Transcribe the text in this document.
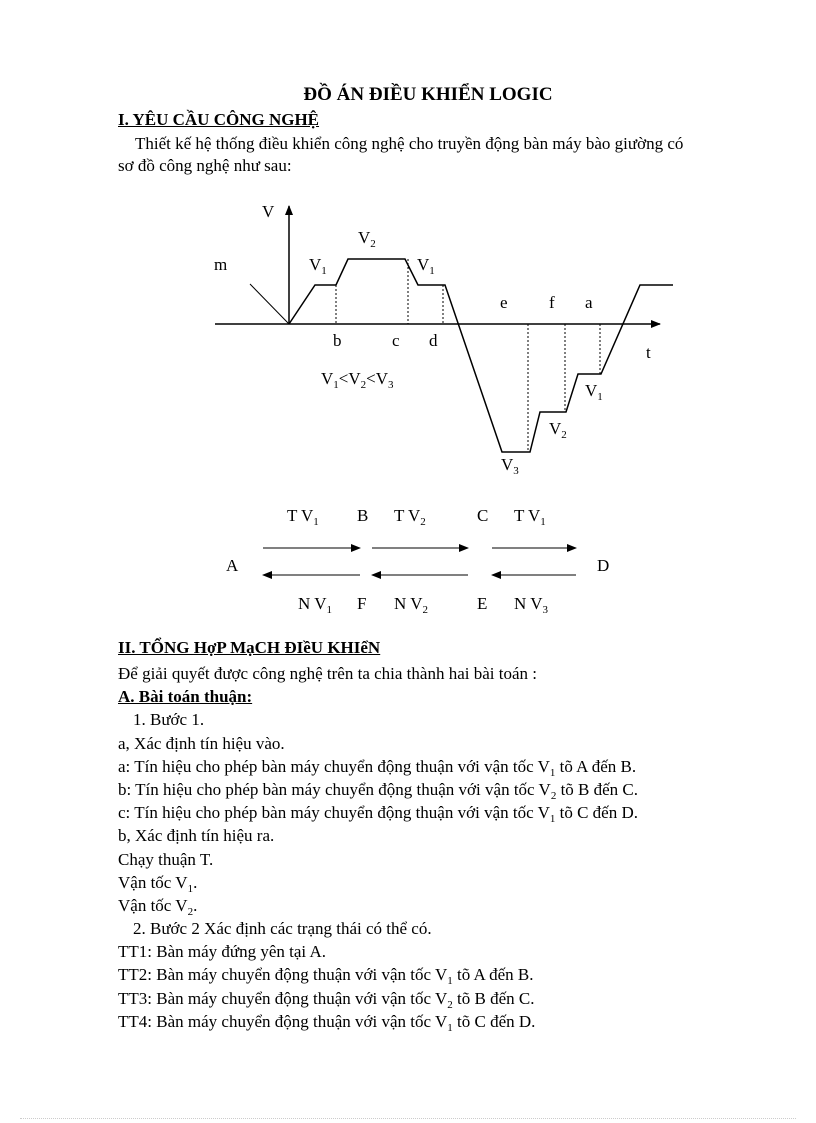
ĐỒ ÁN ĐIỀU KHIỂN LOGIC
I. YÊU CẦU CÔNG NGHỆ
Thiết kế hệ thống điều khiển công nghệ cho truyền động bàn máy bào giường có
sơ đồ công nghệ như sau:
V
t
m	$V_1$
$V_2$
$V_1$
b	c d
e f a
$V_1<V_2<V_3$
$V_3$
$V_2$
$V_1$
T $V_1$ B T $V_2$	C T $V_1$
A	D
N $V_1$ F N $V_2$	E N $V_3$
II. TỔNG HợP MạCH ĐIềU KHIểN
Để giải quyết được công nghệ trên ta chia thành hai bài toán :
A. Bài toán thuận:
1. Bước 1.
a, Xác định tín hiệu vào.
a: Tín hiệu cho phép bàn máy chuyển động thuận với vận tốc $V_1$ tõ A đến B.
b: Tín hiệu cho phép bàn máy chuyển động thuận với vận tốc $V_2$ tõ B đến C.
c: Tín hiệu cho phép bàn máy chuyển động thuận với vận tốc $V_1$ tõ C đến D.
b, Xác định tín hiệu ra.
Chạy thuận T.
Vận tốc $V_1$.
Vận tốc $V_2$.
2. Bước 2 Xác định các trạng thái có thể có.
TT1: Bàn máy đứng yên tại A.
TT2: Bàn máy chuyển động thuận với vận tốc $V_1$ tõ A đến B.
TT3: Bàn máy chuyển động thuận với vận tốc $V_2$ tõ B đến C.
TT4: Bàn máy chuyển động thuận với vận tốc $V_1$ tõ C đến D.
